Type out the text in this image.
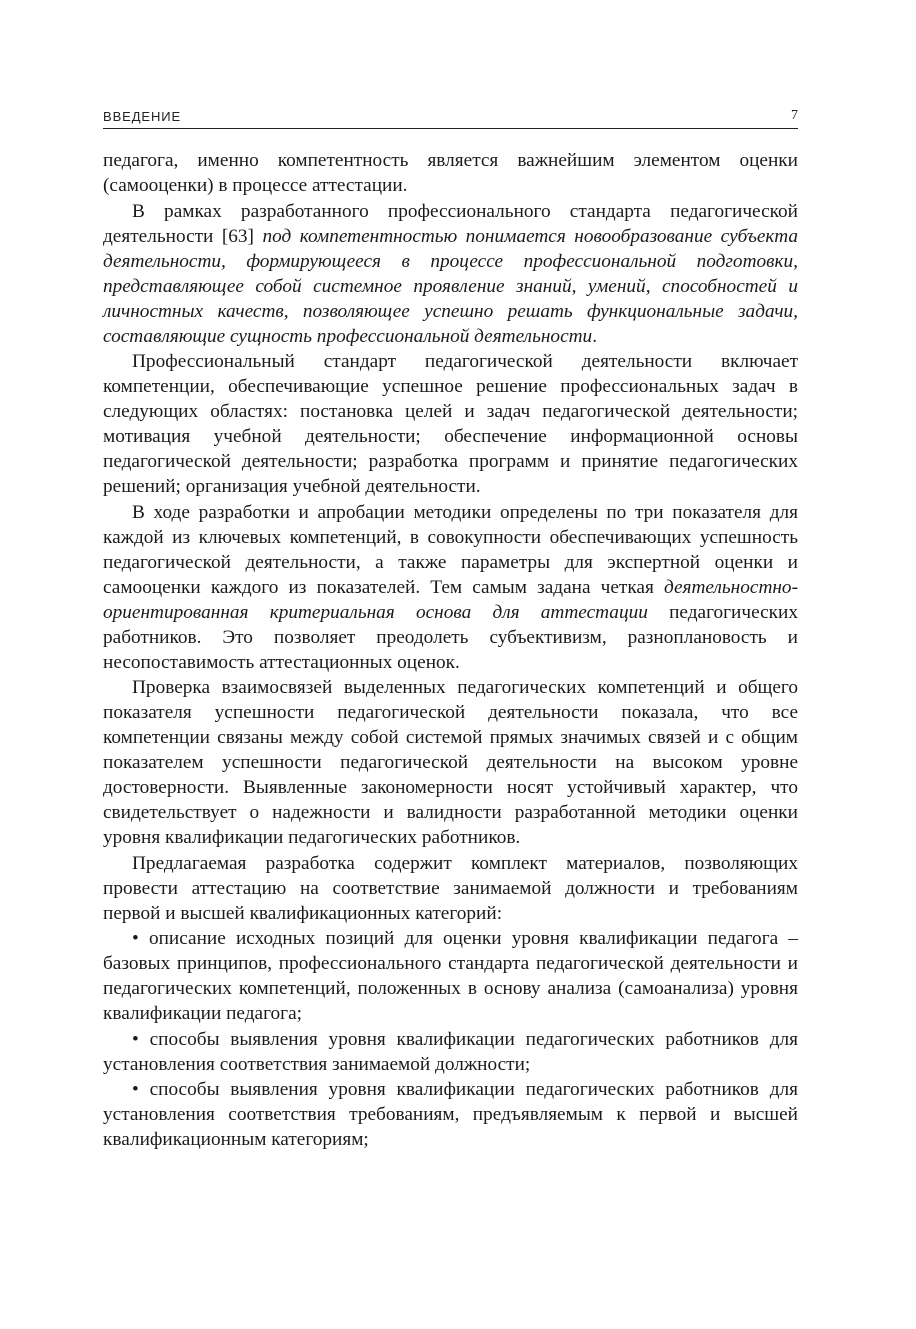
ВВЕДЕНИЕ	7

педагога, именно компетентность является важнейшим элементом оценки (самооценки) в процессе аттестации.

В рамках разработанного профессионального стандарта педагогической деятельности [63] под компетентностью понимается новообразование субъекта деятельности, формирующееся в процессе профессиональной подготовки, представляющее собой системное проявление знаний, умений, способностей и личностных качеств, позволяющее успешно решать функциональные задачи, составляющие сущность профессиональной деятельности.

Профессиональный стандарт педагогической деятельности включает компетенции, обеспечивающие успешное решение профессиональных задач в следующих областях: постановка целей и задач педагогической деятельности; мотивация учебной деятельности; обеспечение информационной основы педагогической деятельности; разработка программ и принятие педагогических решений; организация учебной деятельности.

В ходе разработки и апробации методики определены по три показателя для каждой из ключевых компетенций, в совокупности обеспечивающих успешность педагогической деятельности, а также параметры для экспертной оценки и самооценки каждого из показателей. Тем самым задана четкая деятельностно-ориентированная критериальная основа для аттестации педагогических работников. Это позволяет преодолеть субъективизм, разноплановость и несопоставимость аттестационных оценок.

Проверка взаимосвязей выделенных педагогических компетенций и общего показателя успешности педагогической деятельности показала, что все компетенции связаны между собой системой прямых значимых связей и с общим показателем успешности педагогической деятельности на высоком уровне достоверности. Выявленные закономерности носят устойчивый характер, что свидетельствует о надежности и валидности разработанной методики оценки уровня квалификации педагогических работников.

Предлагаемая разработка содержит комплект материалов, позволяющих провести аттестацию на соответствие занимаемой должности и требованиям первой и высшей квалификационных категорий:

• описание исходных позиций для оценки уровня квалификации педагога – базовых принципов, профессионального стандарта педагогической деятельности и педагогических компетенций, положенных в основу анализа (самоанализа) уровня квалификации педагога;

• способы выявления уровня квалификации педагогических работников для установления соответствия занимаемой должности;

• способы выявления уровня квалификации педагогических работников для установления соответствия требованиям, предъявляемым к первой и высшей квалификационным категориям;
